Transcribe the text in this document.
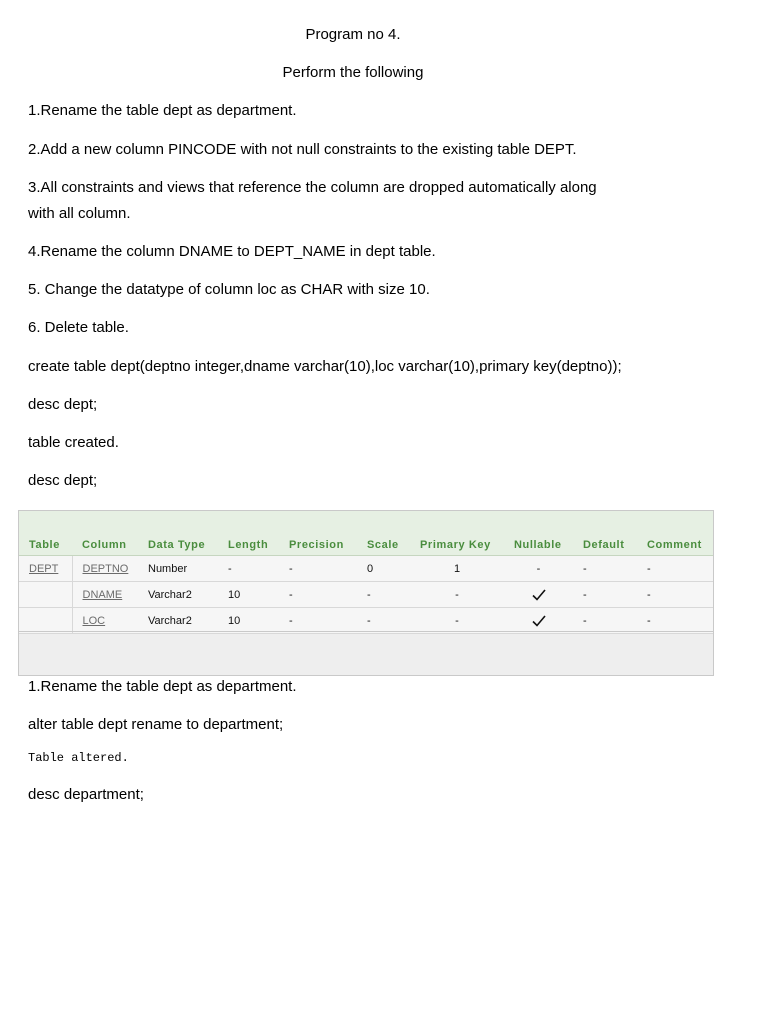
Program no 4.
Perform the following
1.Rename the table dept as department.
2.Add a new column PINCODE with not null constraints to the existing table DEPT.
3.All constraints and views that reference the column are dropped automatically along
with all column.
4.Rename the column DNAME to DEPT_NAME in dept table.
5. Change the datatype of column loc as CHAR with size 10.
6. Delete table.
create table dept(deptno integer,dname varchar(10),loc varchar(10),primary key(deptno));
desc dept;
table created.
desc dept;
Table	Column	Data Type	Length	Precision	Scale	Primary Key	Nullable	Default	Comment
DEPT	DEPTNO	Number	-	-	0	1	-	-	-
	DNAME	Varchar2	10	-	-	-		-	-
	LOC	Varchar2	10	-	-	-		-	-
1.Rename the table dept as department.
alter table dept rename to department;
Table altered.
desc department;
